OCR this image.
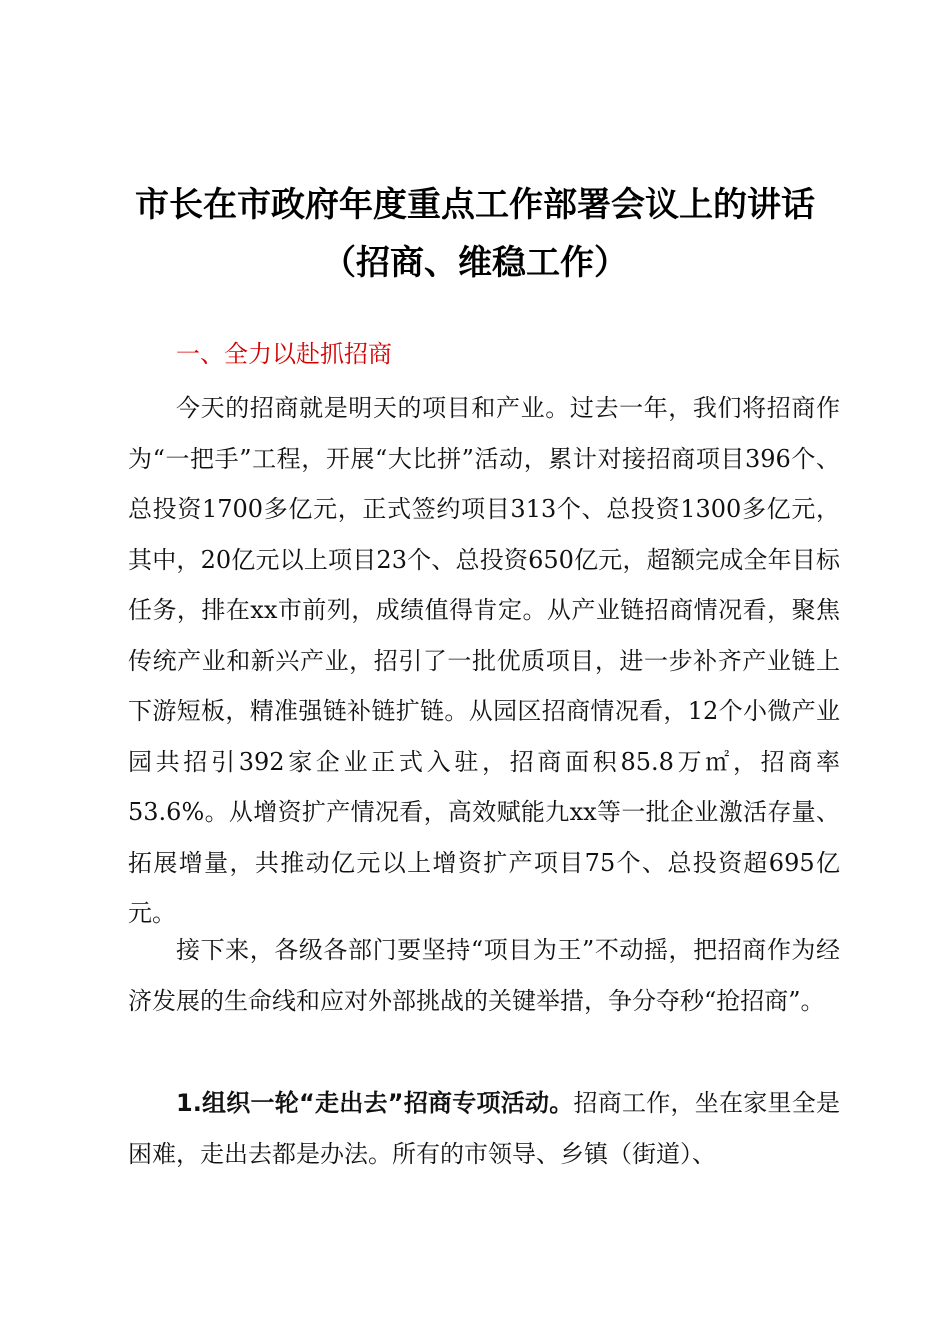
市长在市政府年度重点工作部署会议上的讲话
（招商、维稳工作）
一、全力以赴抓招商

今天的招商就是明天的项目和产业。过去一年，我们将招商作为“一把手”工程，开展“大比拼”活动，累计对接招商项目396个、总投资1700多亿元，正式签约项目313个、总投资1300多亿元，其中，20亿元以上项目23个、总投资650亿元，超额完成全年目标任务，排在xx市前列，成绩值得肯定。从产业链招商情况看，聚焦传统产业和新兴产业，招引了一批优质项目，进一步补齐产业链上下游短板，精准强链补链扩链。从园区招商情况看，12个小微产业园共招引392家企业正式入驻，招商面积85.8万㎡，招商率53.6%。从增资扩产情况看，高效赋能九xx等一批企业激活存量、拓展增量，共推动亿元以上增资扩产项目75个、总投资超695亿元。

接下来，各级各部门要坚持“项目为王”不动摇，把招商作为经济发展的生命线和应对外部挑战的关键举措，争分夺秒“抢招商”。

1.组织一轮“走出去”招商专项活动。招商工作，坐在家里全是困难，走出去都是办法。所有的市领导、乡镇（街道）、
